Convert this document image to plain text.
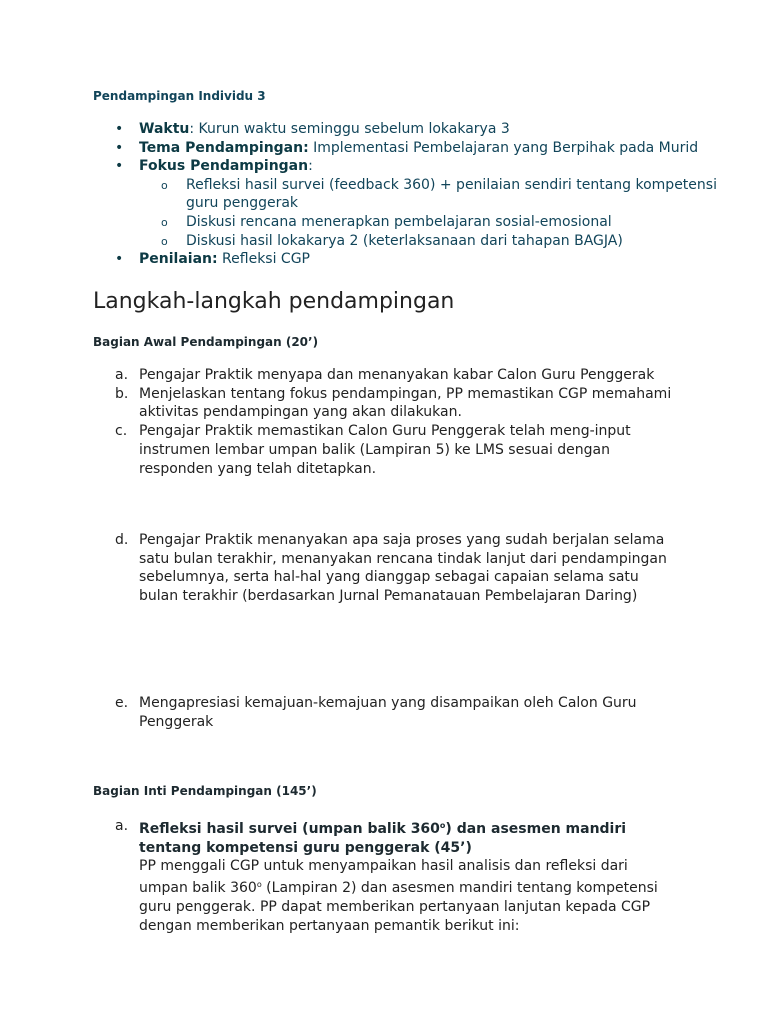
Pendampingan Individu 3
• Waktu: Kurun waktu seminggu sebelum lokakarya 3
• Tema Pendampingan: Implementasi Pembelajaran yang Berpihak pada Murid
• Fokus Pendampingan:
o Refleksi hasil survei (feedback 360) + penilaian sendiri tentang kompetensi guru penggerak
o Diskusi rencana menerapkan pembelajaran sosial-emosional
o Diskusi hasil lokakarya 2 (keterlaksanaan dari tahapan BAGJA)
• Penilaian: Refleksi CGP
Langkah-langkah pendampingan
Bagian Awal Pendampingan (20’)
a. Pengajar Praktik menyapa dan menanyakan kabar Calon Guru Penggerak
b. Menjelaskan tentang fokus pendampingan, PP memastikan CGP memahami aktivitas pendampingan yang akan dilakukan.
c. Pengajar Praktik memastikan Calon Guru Penggerak telah meng-input instrumen lembar umpan balik (Lampiran 5) ke LMS sesuai dengan responden yang telah ditetapkan.
d. Pengajar Praktik menanyakan apa saja proses yang sudah berjalan selama satu bulan terakhir, menanyakan rencana tindak lanjut dari pendampingan sebelumnya, serta hal-hal yang dianggap sebagai capaian selama satu bulan terakhir (berdasarkan Jurnal Pemanatauan Pembelajaran Daring)
e. Mengapresiasi kemajuan-kemajuan yang disampaikan oleh Calon Guru Penggerak
Bagian Inti Pendampingan (145’)
a. Refleksi hasil survei (umpan balik 360$^o$) dan asesmen mandiri tentang kompetensi guru penggerak (45’)
PP menggali CGP untuk menyampaikan hasil analisis dan refleksi dari umpan balik 360$^o$ (Lampiran 2) dan asesmen mandiri tentang kompetensi guru penggerak. PP dapat memberikan pertanyaan lanjutan kepada CGP dengan memberikan pertanyaan pemantik berikut ini:
